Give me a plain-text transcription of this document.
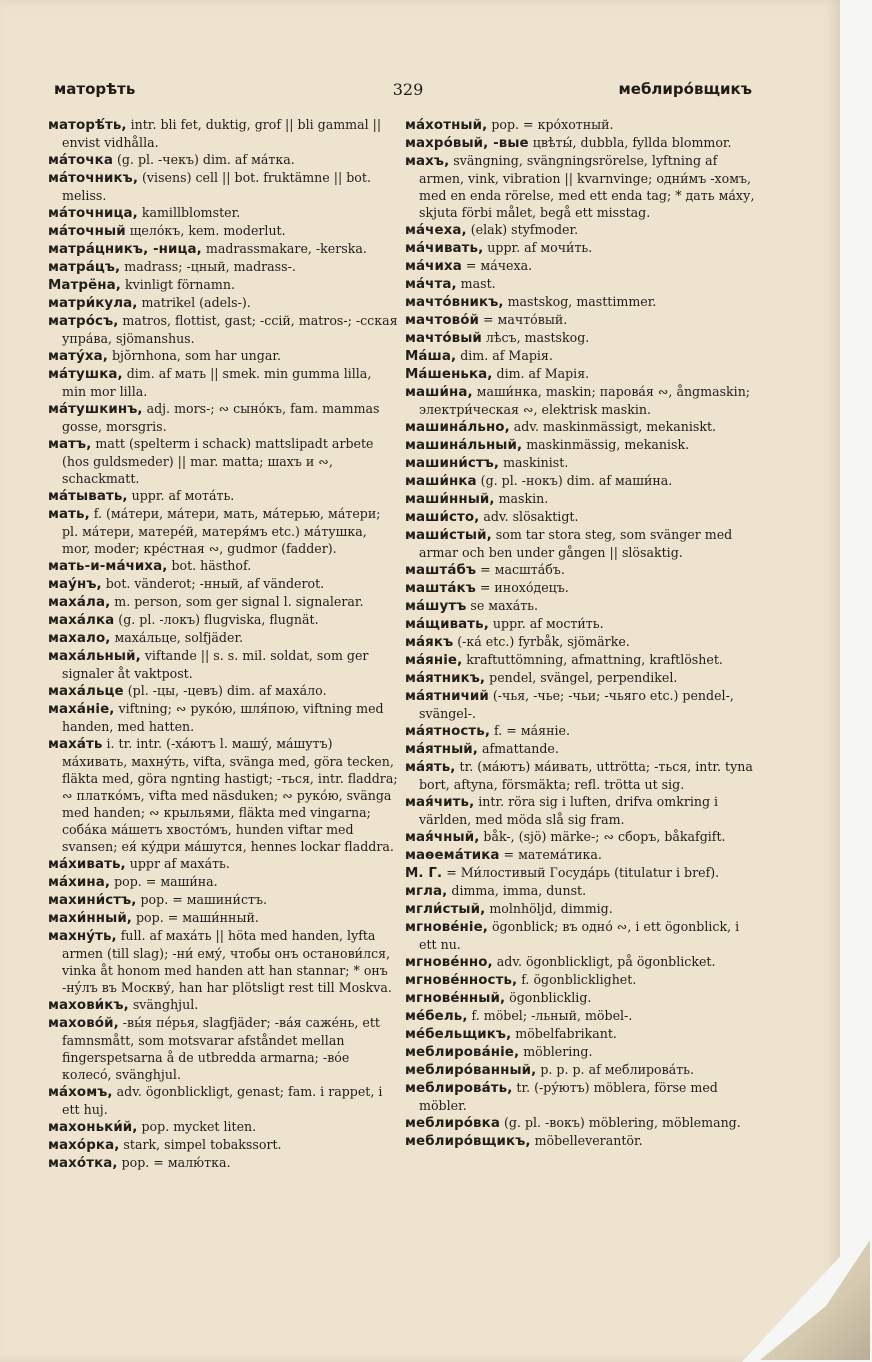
маторѣть	329	меблиро́вщикъ

маторѣ́ть, intr. bli fet, duktig, grof || bli gammal || envist vidhålla.

ма́точка (g. pl. -чекъ) dim. af ма́тка.

ма́точникъ, (visens) cell || bot. fruktämne || bot. meliss.

ма́точница, kamillblomster.

ма́точный щело́къ, kem. moderlut.

матра́цникъ, -ница, madrassmakare, -kerska.

матра́цъ, madrass; -цный, madrass-.

Матрёна, kvinligt förnamn.

матри́кула, matrikel (adels-).

матро́съ, matros, flottist, gast; -ссiй, matros-; -сская упра́ва, sjömanshus.

мату́ха, bjŏrnhona, som har ungar.

ма́тушка, dim. af мать || smek. min gumma lilla, min mor lilla.

ма́тушкинъ, adj. mors-; ∾ сыно́къ, fam. mammas gosse, morsgris.

матъ, matt (spelterm i schack) mattslipadt arbete (hos guldsmeder) || mar. matta; шахъ и ∾, schackmatt.

ма́тывать, uppr. af мота́ть.

мать, f. (ма́тери, ма́тери, мать, ма́терью, ма́тери; pl. ма́тери, матерéй, матеря́мъ etc.) ма́тушка, mor, moder; кре́стная ∾, gudmor (fadder).

мать-и-ма́чиха, bot. hästhof.

мау́нъ, bot. vänderot; -нный, af vänderot.

маха́ла, m. person, som ger signal l. signalerar.

маха́лка (g. pl. -локъ) flugviska, flugnät.

махало, маха́льце, solfjäder.

маха́льный, viftande || s. s. mil. soldat, som ger signaler åt vaktpost.

маха́льце (pl. -цы, -цевъ) dim. af маха́ло.

махáнiе, viftning; ∾ руко́ю, шля́пою, viftning med handen, med hatten.

маха́ть i. tr. intr. (-ха́ютъ l. машу́, ма́шутъ) ма́хивать, махну́ть, vifta, svänga med, göra tecken, fläkta med, göra ngnting hastigt; -ться, intr. fladdra; ∾ платко́мъ, vifta med näsduken; ∾ руко́ю, svänga med handen; ∾ крыльями, fläkta med vingarna; соба́ка ма́шетъ хвосто́мъ, hunden viftar med svansen; ея́ ку́дри ма́шутся, hennes lockar fladdra.

ма́хивать, uppr af маха́ть.

ма́хина, pop. = маши́на.

махини́стъ, pop. = машини́стъ.

махи́нный, pop. = маши́нный.

махну́ть, full. af маха́ть || höta med handen, lyfta armen (till slag); -ни́ ему́, чтобы онъ останови́лся, vinka åt honom med handen att han stannar; * онъ -нýлъ въ Москву́, han har plötsligt rest till Moskva.

махови́къ, svänghjul.

махово́й, -вы́я пе́рья, slagfjäder; -ва́я саже́нь, ett famnsmått, som motsvarar afståndet mellan fingerspetsarna å de utbredda armarna; -вóе колесó, svänghjul.

ма́хомъ, adv. ögonblickligt, genast; fam. i rappet, i ett huj.

махоньки́й, pop. mycket liten.

махо́рка, stark, simpel tobakssort.

махо́тка, pop. = малю́тка.

ма́хотный, pop. = кро́хотный.

махро́вый, -вые цвѣты́, dubbla, fyllda blommor.

махъ, svängning, svängningsrörelse, lyftning af armen, vink, vibration || kvarnvinge; одни́мъ -хомъ, med en enda rörelse, med ett enda tag; * дать ма́ху, skjuta förbi målet, begå ett misstag.

ма́чеха, (elak) styfmoder.

ма́чивать, uppr. af мочи́ть.

ма́чиха = ма́чеха.

ма́чта, mast.

мачто́вникъ, mastskog, masttimmer.

мачтово́й = мачто́вый.

мачто́вый лѣсъ, mastskog.

Ма́ша, dim. af Марія.

Ма́шенька, dim. af Марія.

маши́на, маши́нка, maskin; парова́я ∾, ångmaskin; электри́ческая ∾, elektrisk maskin.

машина́льно, adv. maskinmässigt, mekaniskt.

машина́льный, maskinmässig, mekanisk.

машини́стъ, maskinist.

маши́нка (g. pl. -нокъ) dim. af маши́на.

маши́нный, maskin.

маши́сто, adv. slösaktigt.

маши́стый, som tar stora steg, som svänger med armar och ben under gången || slösaktig.

машта́бъ = масшта́бъ.

машта́къ = инохо́децъ.

ма́шутъ se маха́ть.

ма́щивать, uppr. af мости́ть.

ма́якъ (-ка́ etc.) fyrbåk, sjömärke.

ма́янiе, kraftuttömning, afmattning, kraftlöshet.

ма́ятникъ, pendel, svängel, perpendikel.

ма́ятничий (-чья, -чье; -чьи; -чьяго etc.) pendel-, svängel-.

ма́ятность, f. = ма́янiе.

ма́ятный, afmattande.

ма́ять, tr. (ма́ютъ) ма́ивать, uttrötta; -ться, intr. tyna bort, aftyna, försmäkta; refl. trötta ut sig.

мая́чить, intr. röra sig i luften, drifva omkring i världen, med möda slå sig fram.

мая́чный, båk-, (sjö) märke-; ∾ сборъ, båkafgift.

маѳема́тика = матема́тика.

М. Г. = Ми́лостивый Госуда́рь (titulatur i bref).

мгла, dimma, imma, dunst.

мгли́стый, molnhöljd, dimmig.

мгнове́нiе, ögonblick; въ одно́ ∾, i ett ögonblick, i ett nu.

мгнове́нно, adv. ögonblickligt, på ögonblicket.

мгнове́нность, f. ögonblicklighet.

мгнове́нный, ögonblicklig.

ме́бель, f. möbel; -льный, möbel-.

ме́бельщикъ, möbelfabrikant.

меблирова́нiе, möblering.

меблиро́ванный, p. p. p. af меблирова́ть.

меблирова́ть, tr. (-ру́ютъ) möblera, förse med möbler.

меблиро́вка (g. pl. -вокъ) möblering, möblemang.

меблиро́вщикъ, möbelleverantör.
